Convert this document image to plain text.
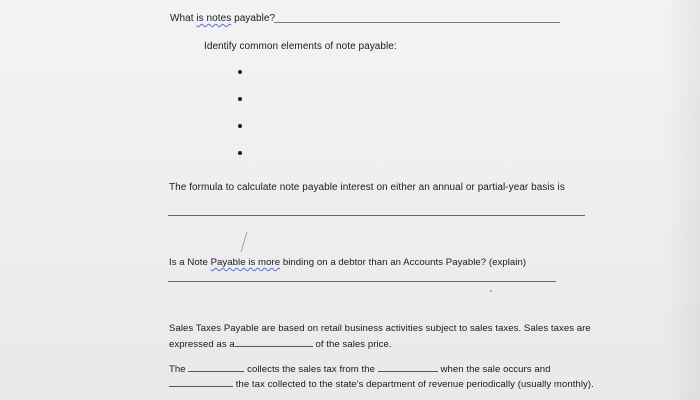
What is notes payable?
Identify common elements of note payable:
The formula to calculate note payable interest on either an annual or partial-year basis is
Is a Note Payable is more binding on a debtor than an Accounts Payable? (explain)
Sales Taxes Payable are based on retail business activities subject to sales taxes. Sales taxes are
expressed as a	of the sales price.
The	collects the sales tax from the	when the sale occurs and
the tax collected to the state's department of revenue periodically (usually monthly).
